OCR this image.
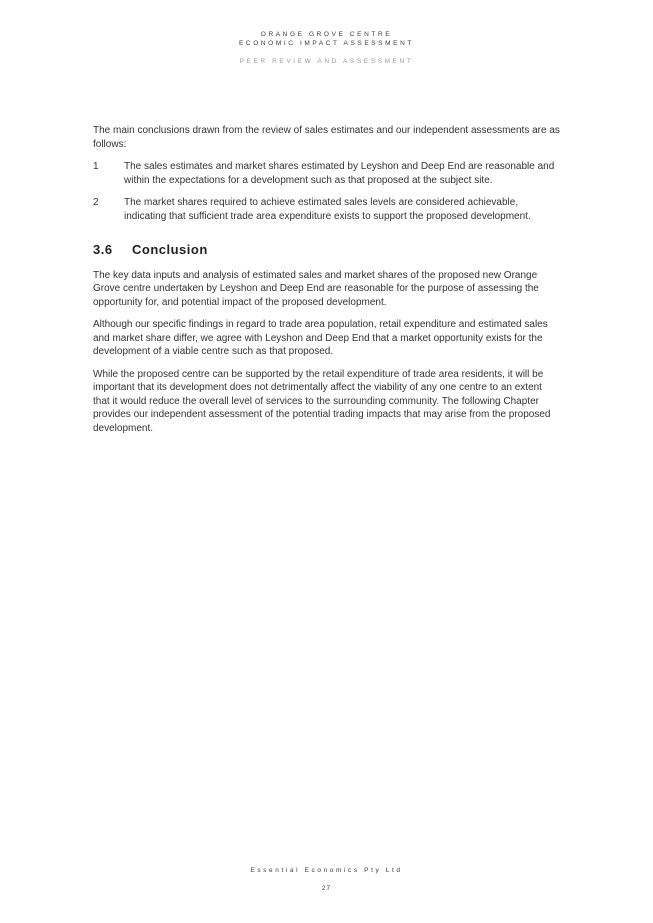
ORANGE GROVE CENTRE
ECONOMIC IMPACT ASSESSMENT
PEER REVIEW AND ASSESSMENT

The main conclusions drawn from the review of sales estimates and our independent assessments are as follows:

1	The sales estimates and market shares estimated by Leyshon and Deep End are reasonable and within the expectations for a development such as that proposed at the subject site.
2	The market shares required to achieve estimated sales levels are considered achievable, indicating that sufficient trade area expenditure exists to support the proposed development.
3.6	Conclusion

The key data inputs and analysis of estimated sales and market shares of the proposed new Orange Grove centre undertaken by Leyshon and Deep End are reasonable for the purpose of assessing the opportunity for, and potential impact of the proposed development.

Although our specific findings in regard to trade area population, retail expenditure and estimated sales and market share differ, we agree with Leyshon and Deep End that a market opportunity exists for the development of a viable centre such as that proposed.

While the proposed centre can be supported by the retail expenditure of trade area residents, it will be important that its development does not detrimentally affect the viability of any one centre to an extent that it would reduce the overall level of services to the surrounding community. The following Chapter provides our independent assessment of the potential trading impacts that may arise from the proposed development.

Essential Economics Pty Ltd
27
